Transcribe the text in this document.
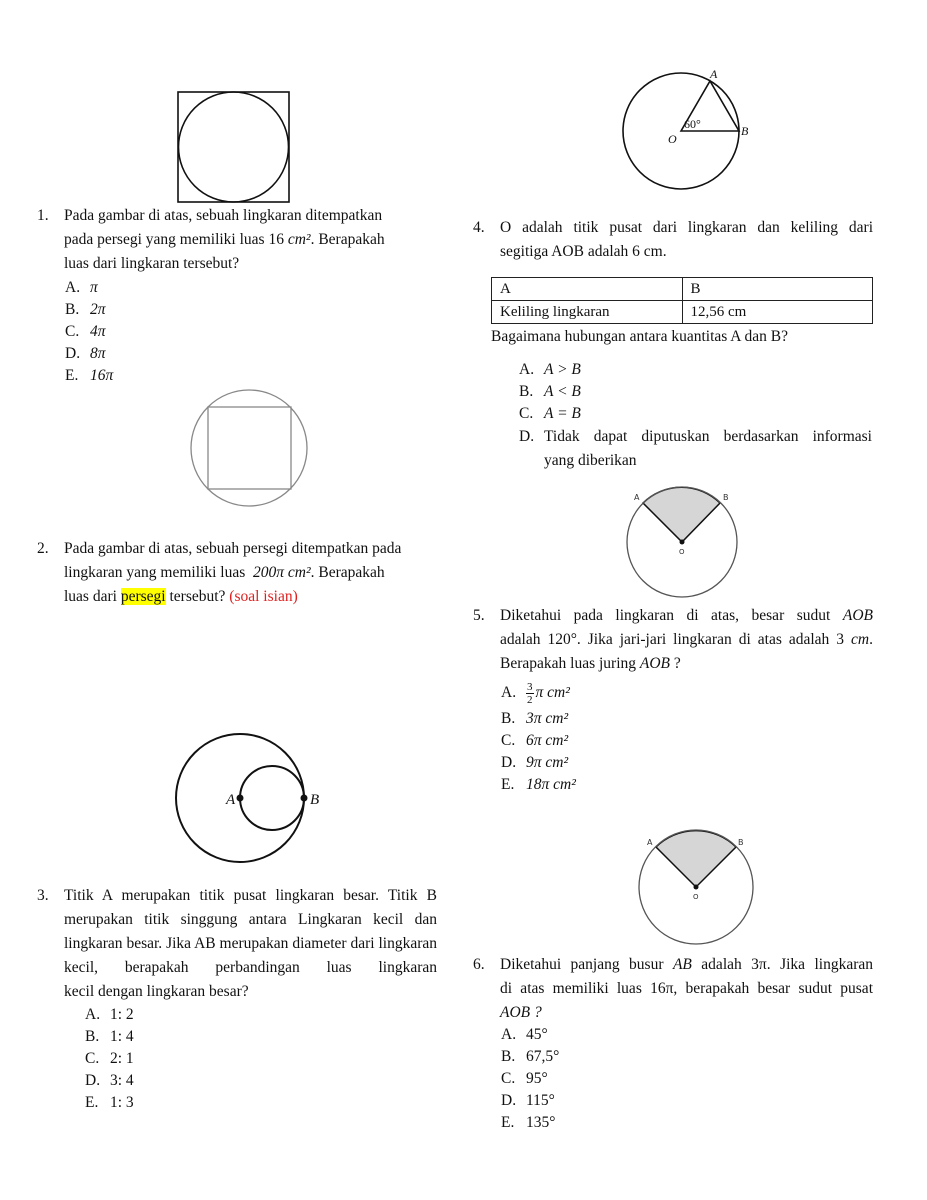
1. Pada gambar di atas, sebuah lingkaran ditempatkan
pada persegi yang memiliki luas 16 cm². Berapakah
luas dari lingkaran tersebut?
A. π
B. 2π
C. 4π
D. 8π
E. 16π
2. Pada gambar di atas, sebuah persegi ditempatkan pada
lingkaran yang memiliki luas  200π cm². Berapakah
luas dari persegi tersebut? (soal isian)
A	B
3. Titik A merupakan titik pusat lingkaran besar. Titik B merupakan titik singgung antara Lingkaran kecil dan lingkaran besar. Jika AB merupakan diameter dari lingkaran kecil, berapakah perbandingan luas lingkaran
kecil dengan lingkaran besar?
A. 1: 2
B. 1: 4
C. 2: 1
D. 3: 4
E. 1: 3
A
B
O
60°
4. O adalah titik pusat dari lingkaran dan keliling dari
segitiga AOB adalah 6 cm.
A	B
Keliling lingkaran	12,56 cm
Bagaimana hubungan antara kuantitas A dan B?
A. A > B
B. A < B
C. A = B
D. Tidak dapat diputuskan berdasarkan informasi
yang diberikan
A	B
O
5. Diketahui pada lingkaran di atas, besar sudut AOB
adalah 120°. Jika jari-jari lingkaran di atas adalah 3 cm.
Berapakah luas juring AOB ?
A. $\frac{3}{2}$ π cm²
B. 3π cm²
C. 6π cm²
D. 9π cm²
E. 18π cm²
A	B
O
6. Diketahui panjang busur AB adalah 3π. Jika lingkaran
di atas memiliki luas 16π, berapakah besar sudut pusat
AOB ?
A. 45°
B. 67,5°
C. 95°
D. 115°
E. 135°
